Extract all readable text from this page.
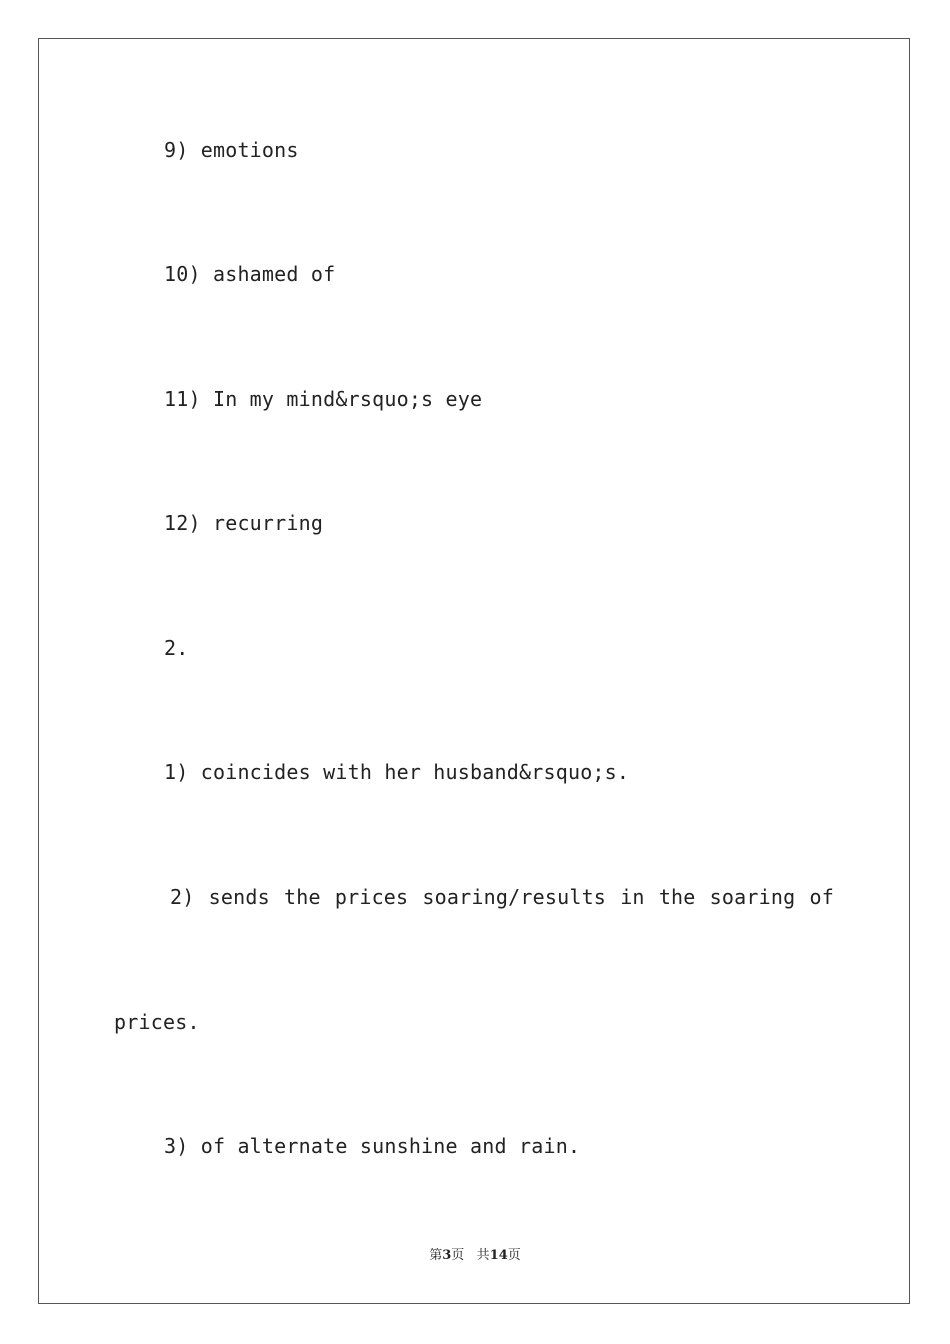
9) emotions
10) ashamed of
11) In my mind&rsquo;s eye
12) recurring
2.
1) coincides with her husband&rsquo;s.
2) sends the prices soaring/results in the soaring of
prices.
3) of alternate sunshine and rain.
第3页 共14页
